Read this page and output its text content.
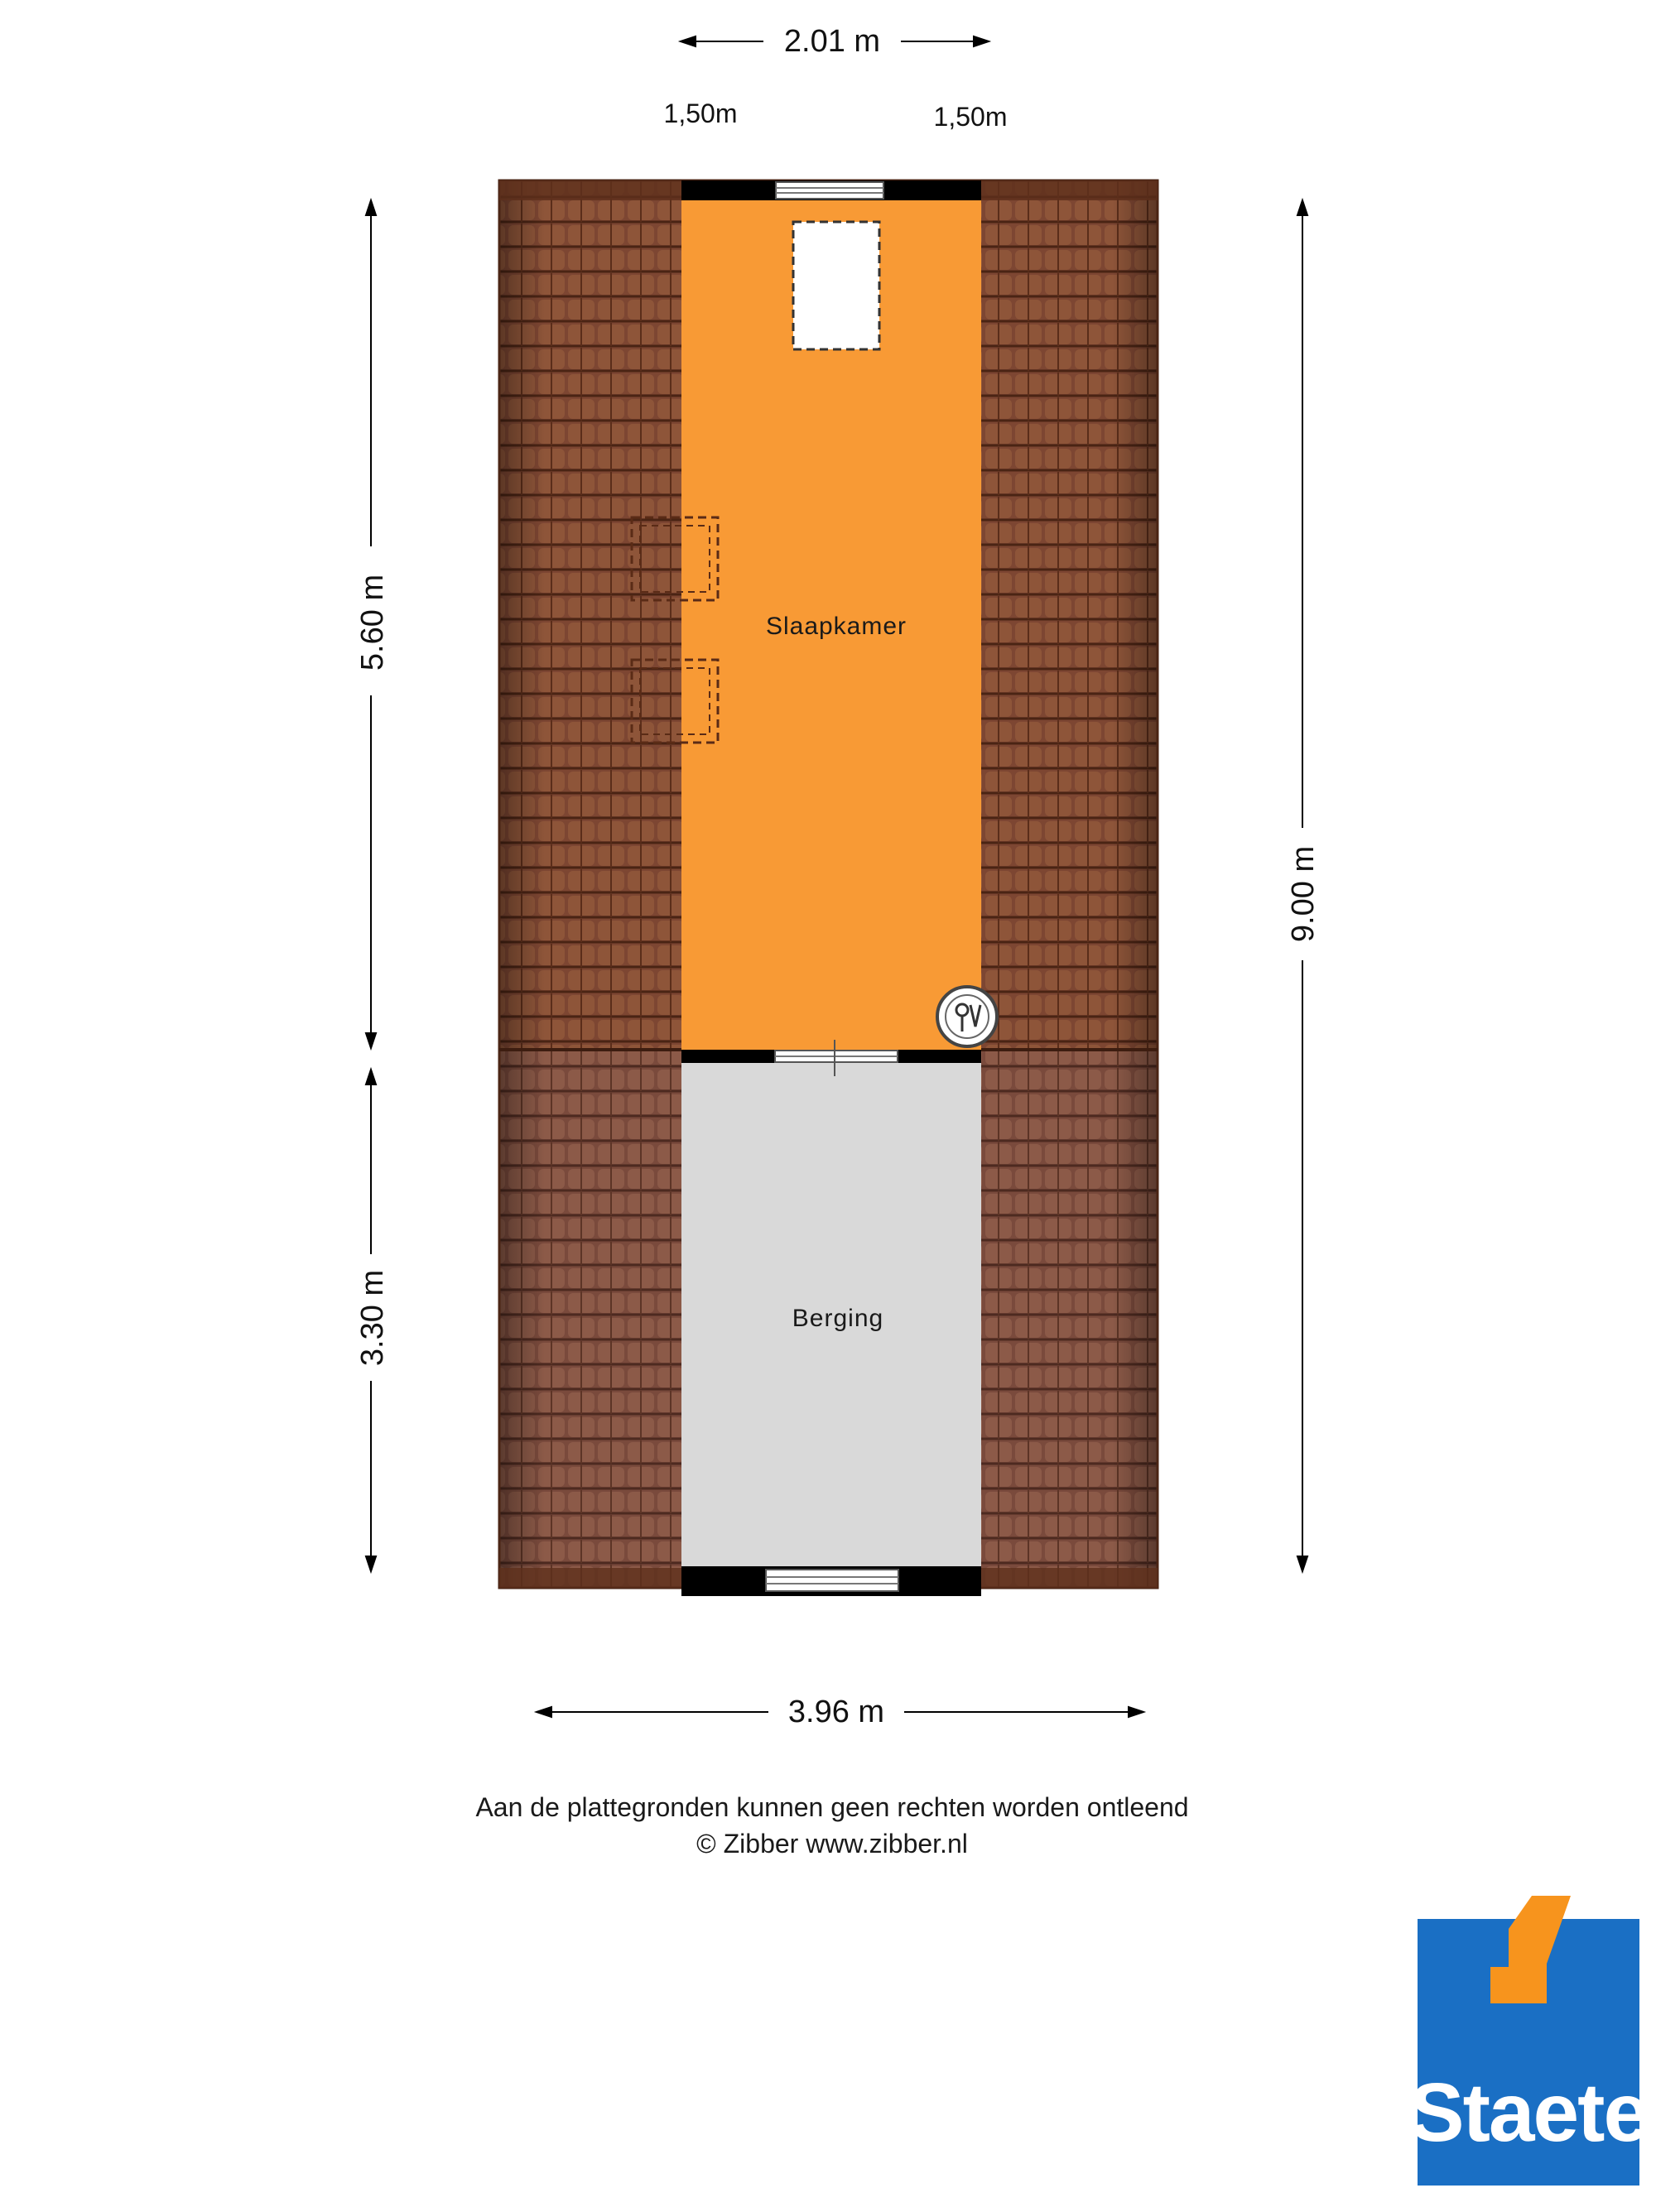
Slaapkamer
Berging
2.01 m
1,50m	1,50m
5.60 m
3.30 m
9.00 m
3.96 m
Aan de plattegronden kunnen geen rechten worden ontleend
© Zibber www.zibber.nl
Staete
